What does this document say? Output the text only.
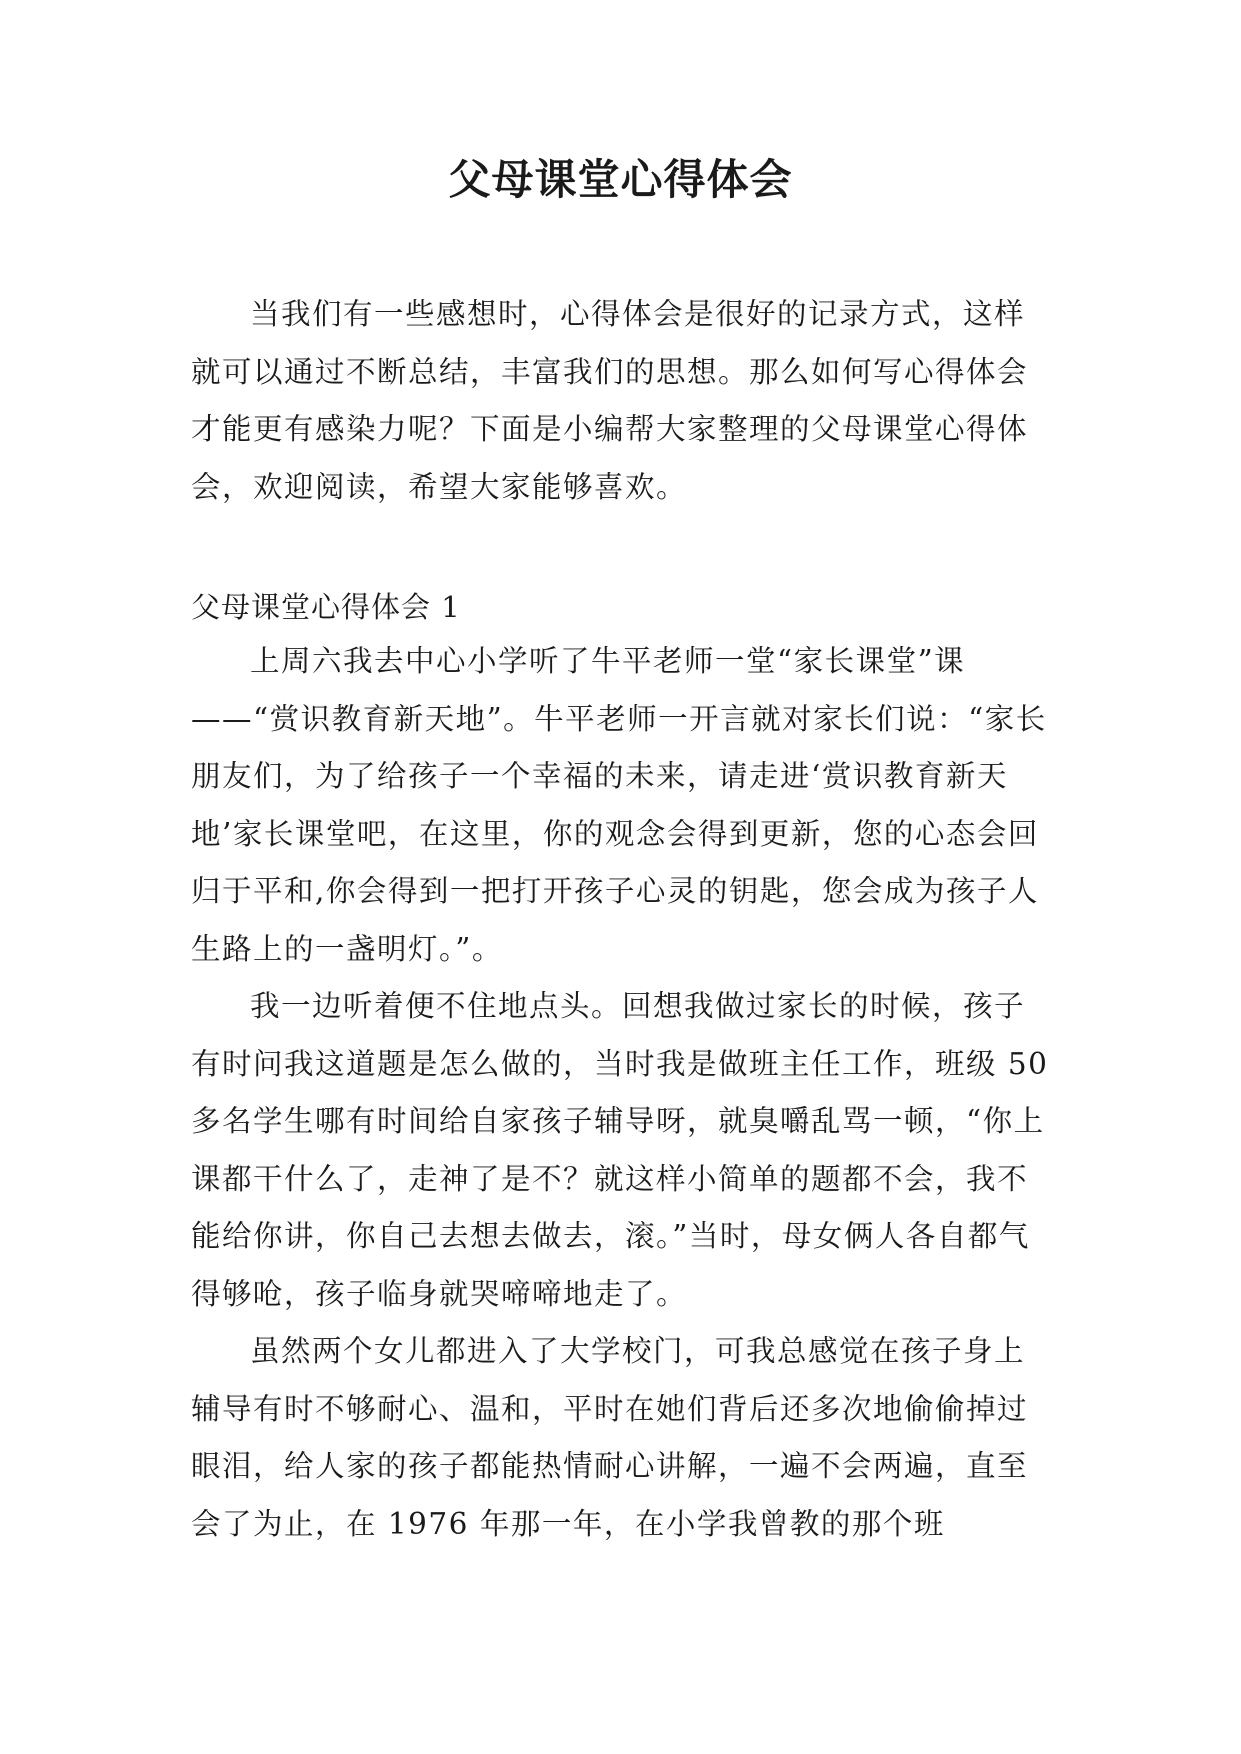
父母课堂心得体会

当我们有一些感想时，心得体会是很好的记录方式，这样就可以通过不断总结，丰富我们的思想。那么如何写心得体会才能更有感染力呢？下面是小编帮大家整理的父母课堂心得体会，欢迎阅读，希望大家能够喜欢。

父母课堂心得体会 1

上周六我去中心小学听了牛平老师一堂“家长课堂”课——“赏识教育新天地”。牛平老师一开言就对家长们说：“家长朋友们，为了给孩子一个幸福的未来，请走进‘赏识教育新天地’家长课堂吧，在这里，你的观念会得到更新，您的心态会回归于平和,你会得到一把打开孩子心灵的钥匙，您会成为孩子人生路上的一盏明灯。”。

我一边听着便不住地点头。回想我做过家长的时候，孩子有时问我这道题是怎么做的，当时我是做班主任工作，班级 50 多名学生哪有时间给自家孩子辅导呀，就臭嚼乱骂一顿，“你上课都干什么了，走神了是不？就这样小简单的题都不会，我不能给你讲，你自己去想去做去，滚。”当时，母女俩人各自都气得够呛，孩子临身就哭啼啼地走了。

虽然两个女儿都进入了大学校门，可我总感觉在孩子身上辅导有时不够耐心、温和，平时在她们背后还多次地偷偷掉过眼泪，给人家的孩子都能热情耐心讲解，一遍不会两遍，直至会了为止，在 1976 年那一年，在小学我曾教的那个班
